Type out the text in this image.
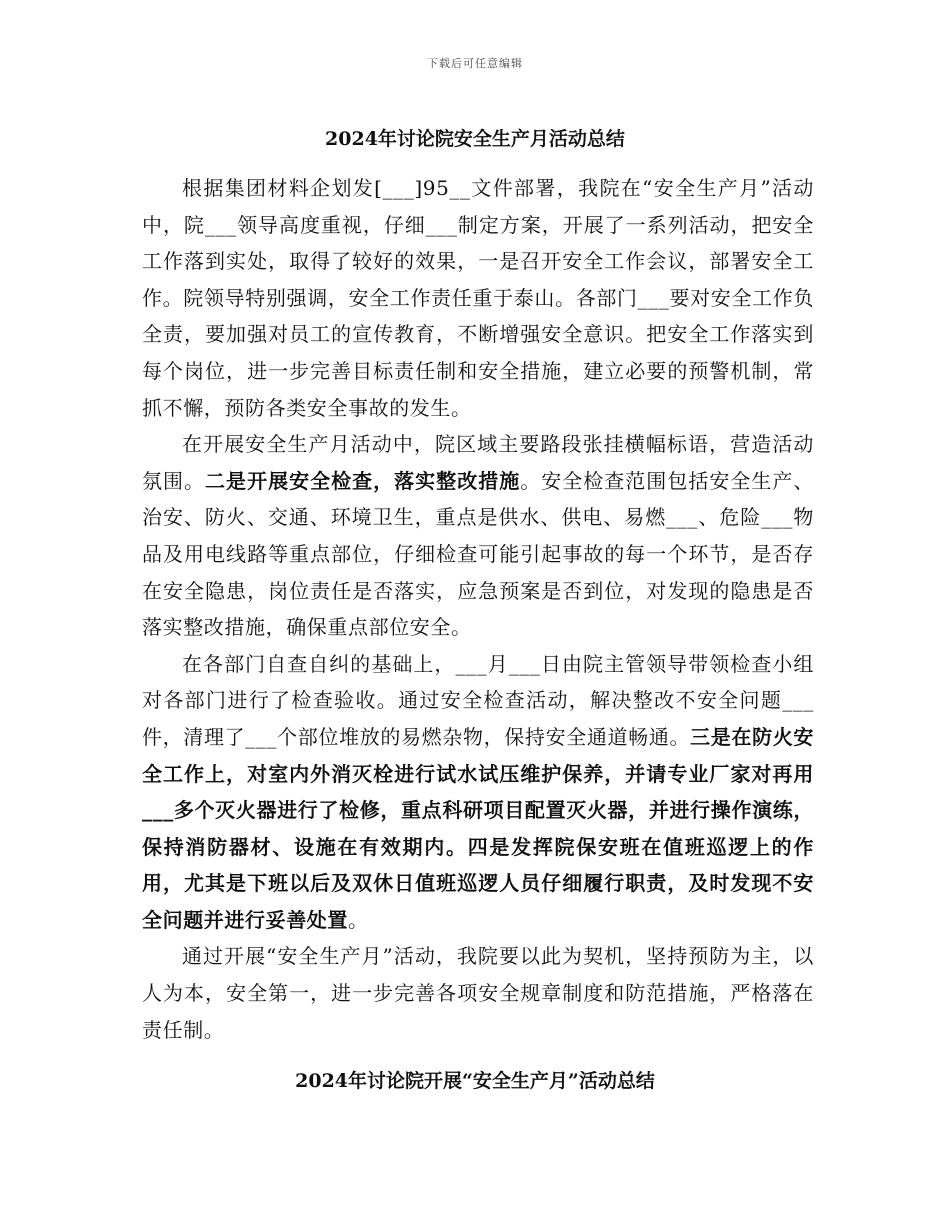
下载后可任意编辑
2024年讨论院安全生产月活动总结

根据集团材料企划发[___]95__文件部署，我院在“安全生产月”活动中，院___领导高度重视，仔细___制定方案，开展了一系列活动，把安全工作落到实处，取得了较好的效果，一是召开安全工作会议，部署安全工作。院领导特别强调，安全工作责任重于泰山。各部门___要对安全工作负全责，要加强对员工的宣传教育，不断增强安全意识。把安全工作落实到每个岗位，进一步完善目标责任制和安全措施，建立必要的预警机制，常抓不懈，预防各类安全事故的发生。

在开展安全生产月活动中，院区域主要路段张挂横幅标语，营造活动氛围。二是开展安全检查，落实整改措施。安全检查范围包括安全生产、治安、防火、交通、环境卫生，重点是供水、供电、易燃___、危险___物品及用电线路等重点部位，仔细检查可能引起事故的每一个环节，是否存在安全隐患，岗位责任是否落实，应急预案是否到位，对发现的隐患是否落实整改措施，确保重点部位安全。

在各部门自查自纠的基础上，___月___日由院主管领导带领检查小组对各部门进行了检查验收。通过安全检查活动，解决整改不安全问题___件，清理了___个部位堆放的易燃杂物，保持安全通道畅通。三是在防火安全工作上，对室内外消灭栓进行试水试压维护保养，并请专业厂家对再用___多个灭火器进行了检修，重点科研项目配置灭火器，并进行操作演练，保持消防器材、设施在有效期内。四是发挥院保安班在值班巡逻上的作用，尤其是下班以后及双休日值班巡逻人员仔细履行职责，及时发现不安全问题并进行妥善处置。

通过开展“安全生产月”活动，我院要以此为契机，坚持预防为主，以人为本，安全第一，进一步完善各项安全规章制度和防范措施，严格落在责任制。

2024年讨论院开展“安全生产月”活动总结
